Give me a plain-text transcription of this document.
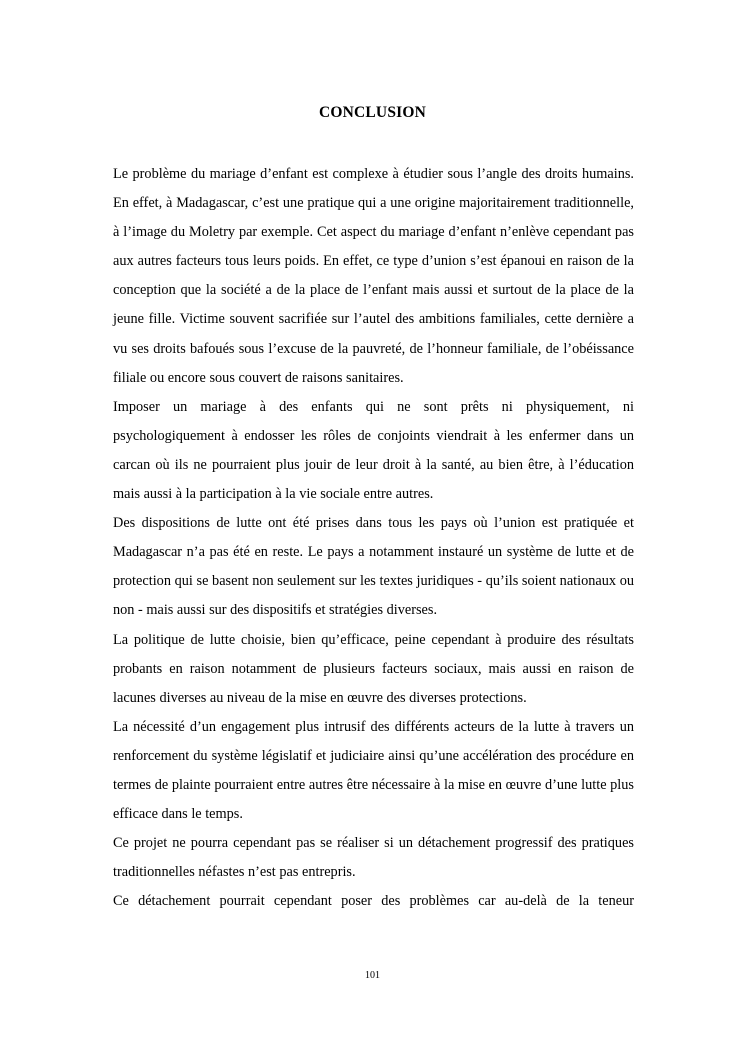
CONCLUSION

Le problème du mariage d’enfant est complexe à étudier sous l’angle des droits humains. En effet, à Madagascar, c’est une pratique qui a une origine majoritairement traditionnelle, à l’image du Moletry par exemple. Cet aspect du mariage d’enfant n’enlève cependant pas aux autres facteurs tous leurs poids. En effet, ce type d’union s’est épanoui en raison de la conception que la société a de la place de l’enfant mais aussi et surtout de la place de la jeune fille. Victime souvent sacrifiée sur l’autel des ambitions familiales, cette dernière a vu ses droits bafoués sous l’excuse de la pauvreté, de l’honneur familiale, de l’obéissance filiale ou encore sous couvert de raisons sanitaires.

Imposer un mariage à des enfants qui ne sont prêts ni physiquement, ni psychologiquement à endosser les rôles de conjoints viendrait à les enfermer dans un carcan où ils ne pourraient plus jouir de leur droit à la santé, au bien être, à l’éducation mais aussi à la participation à la vie sociale entre autres.

Des dispositions de lutte ont été prises dans tous les pays où l’union est pratiquée et Madagascar n’a pas été en reste. Le pays a notamment instauré un système de lutte et de protection qui se basent non seulement sur les textes juridiques - qu’ils soient nationaux ou non - mais aussi sur des dispositifs et stratégies diverses.

La politique de lutte choisie, bien qu’efficace, peine cependant à produire des résultats probants en raison notamment de plusieurs facteurs sociaux, mais aussi en raison de lacunes diverses au niveau de la mise en œuvre des diverses protections.

La nécessité d’un engagement plus intrusif des différents acteurs de la lutte à travers un renforcement du système législatif et judiciaire ainsi qu’une accélération des procédure en termes de plainte pourraient entre autres être nécessaire à la mise en œuvre d’une lutte plus efficace dans le temps.

Ce projet ne pourra cependant pas se réaliser si un détachement progressif des pratiques traditionnelles néfastes n’est pas entrepris.

Ce détachement pourrait cependant poser des problèmes car au-delà de la teneur

101
